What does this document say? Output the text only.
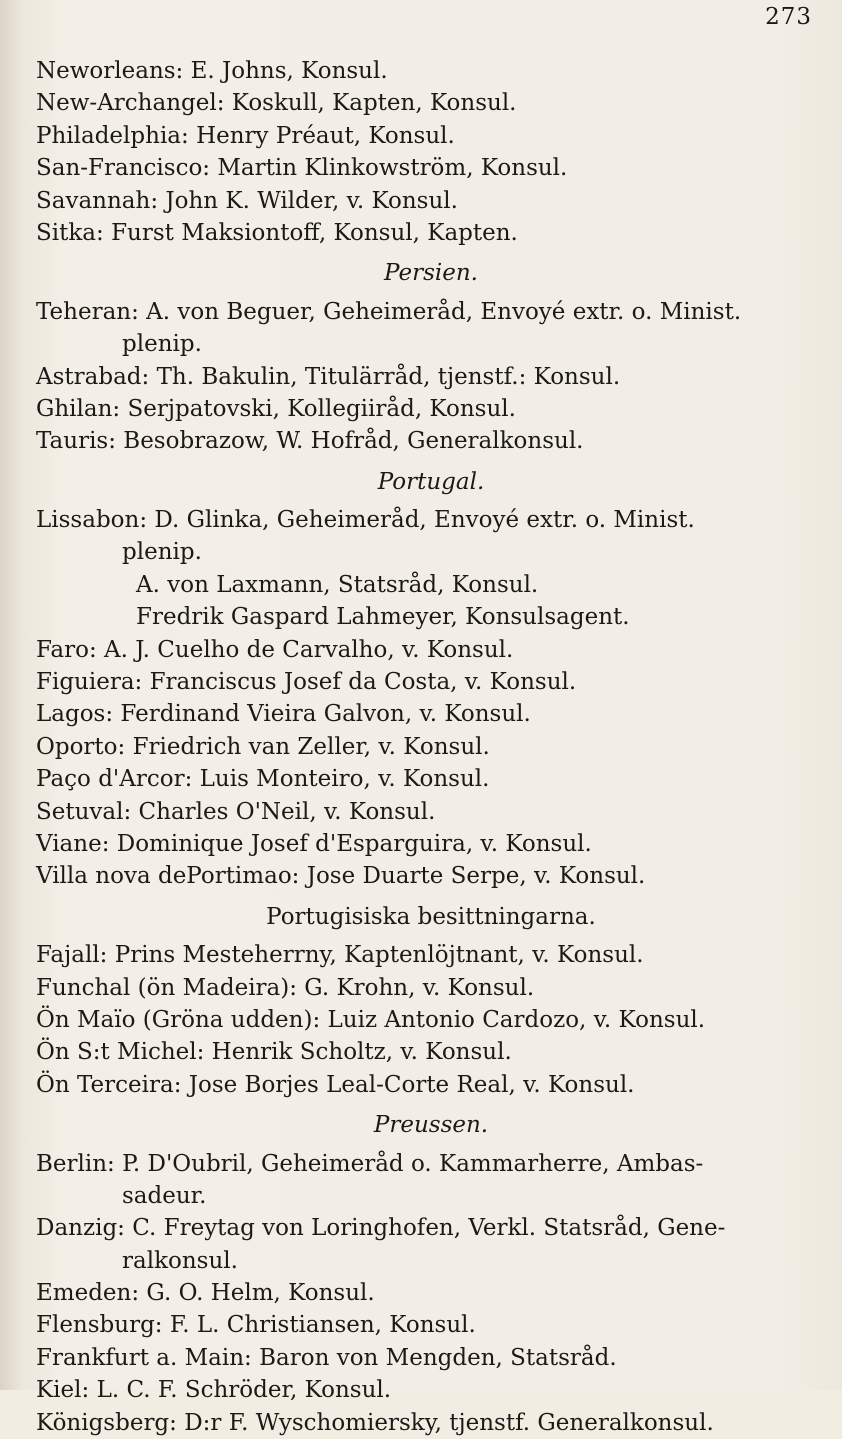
273
Neworleans: E. Johns, Konsul.
New-Archangel: Koskull, Kapten, Konsul.
Philadelphia: Henry Préaut, Konsul.
San-Francisco: Martin Klinkowström, Konsul.
Savannah: John K. Wilder, v. Konsul.
Sitka: Furst Maksiontoff, Konsul, Kapten.
Persien.
Teheran: A. von Beguer, Geheimeråd, Envoyé extr. o. Minist.
plenip.
Astrabad: Th. Bakulin, Titulärråd, tjenstf.: Konsul.
Ghilan: Serjpatovski, Kollegiiråd, Konsul.
Tauris: Besobrazow, W. Hofråd, Generalkonsul.
Portugal.
Lissabon: D. Glinka, Geheimeråd, Envoyé extr. o. Minist.
plenip.
A. von Laxmann, Statsråd, Konsul.
Fredrik Gaspard Lahmeyer, Konsulsagent.
Faro: A. J. Cuelho de Carvalho, v. Konsul.
Figuiera: Franciscus Josef da Costa, v. Konsul.
Lagos: Ferdinand Vieira Galvon, v. Konsul.
Oporto: Friedrich van Zeller, v. Konsul.
Paço d'Arcor: Luis Monteiro, v. Konsul.
Setuval: Charles O'Neil, v. Konsul.
Viane: Dominique Josef d'Esparguira, v. Konsul.
Villa nova dePortimao: Jose Duarte Serpe, v. Konsul.
Portugisiska besittningarna.
Fajall: Prins Mesteherrny, Kaptenlöjtnant, v. Konsul.
Funchal (ön Madeira): G. Krohn, v. Konsul.
Ön Maïo (Gröna udden): Luiz Antonio Cardozo, v. Konsul.
Ön S:t Michel: Henrik Scholtz, v. Konsul.
Ön Terceira: Jose Borjes Leal-Corte Real, v. Konsul.
Preussen.
Berlin: P. D'Oubril, Geheimeråd o. Kammarherre, Ambas-
sadeur.
Danzig: C. Freytag von Loringhofen, Verkl. Statsråd, Gene-
ralkonsul.
Emeden: G. O. Helm, Konsul.
Flensburg: F. L. Christiansen, Konsul.
Frankfurt a. Main: Baron von Mengden, Statsråd.
Kiel: L. C. F. Schröder, Konsul.
Königsberg: D:r F. Wyschomiersky, tjenstf. Generalkonsul.
